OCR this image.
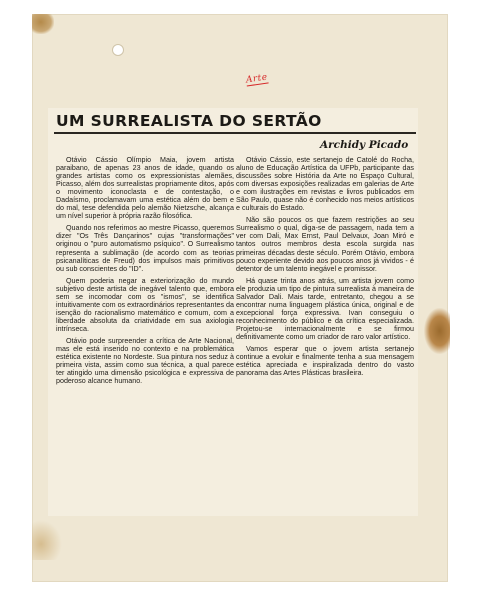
Arte
UM SURREALISTA DO SERTÃO
Archidy Picado

Otávio Cássio Olímpio Maia, jovem artista paraibano, de apenas 23 anos de idade, quando os grandes artistas como os expressionistas alemães, Picasso, além dos surrealistas propriamente ditos, após o movimento iconoclasta e de contestação, o Dadaísmo, proclamavam uma estética além do bem e do mal, tese defendida pelo alemão Nietzsche, alcança um nível superior à própria razão filosófica.

Quando nos referimos ao mestre Picasso, queremos dizer "Os Três Dançarinos" cujas "transformações" originou o "puro automatismo psíquico". O Surrealismo representa a sublimação (de acordo com as teorias psicanalíticas de Freud) dos impulsos mais primitivos ou sub conscientes do "ID".

Quem poderia negar a exteriorização do mundo subjetivo deste artista de inegável talento que, embora sem se incomodar com os "ismos", se identifica intuitivamente com os extraordinários representantes da isenção do racionalismo matemático e comum, com a liberdade absoluta da criatividade em sua axiologia intrínseca.

Otávio pode surpreender a crítica de Arte Nacional, mas ele está inserido no contexto e na problemática estética existente no Nordeste. Sua pintura nos seduz à primeira vista, assim como sua técnica, a qual parece ter atingido uma dimensão psicológica e expressiva de poderoso alcance humano.

Otávio Cássio, este sertanejo de Catolé do Rocha, aluno de Educação Artística da UFPb, participante das discussões sobre História da Arte no Espaço Cultural, com diversas exposições realizadas em galerias de Arte e com ilustrações em revistas e livros publicados em São Paulo, quase não é conhecido nos meios artísticos e culturais do Estado.

Não são poucos os que fazem restrições ao seu Surrealismo o qual, diga-se de passagem, nada tem a ver com Dali, Max Ernst, Paul Delvaux, Joan Miró e tantos outros membros desta escola surgida nas primeiras décadas deste século. Porém Otávio, embora pouco experiente devido aos poucos anos já vividos - é detentor de um talento inegável e promissor.

Há quase trinta anos atrás, um artista jovem como ele produzia um tipo de pintura surrealista à maneira de Salvador Dali. Mais tarde, entretanto, chegou a se encontrar numa linguagem plástica única, original e de excepcional força expressiva. Ivan conseguiu o reconhecimento do público e da crítica especializada. Projetou-se internacionalmente e se firmou definitivamente como um criador de raro valor artístico.

Vamos esperar que o jovem artista sertanejo continue a evoluir e finalmente tenha a sua mensagem estética apreciada e inspiralizada dentro do vasto panorama das Artes Plásticas brasileira.
